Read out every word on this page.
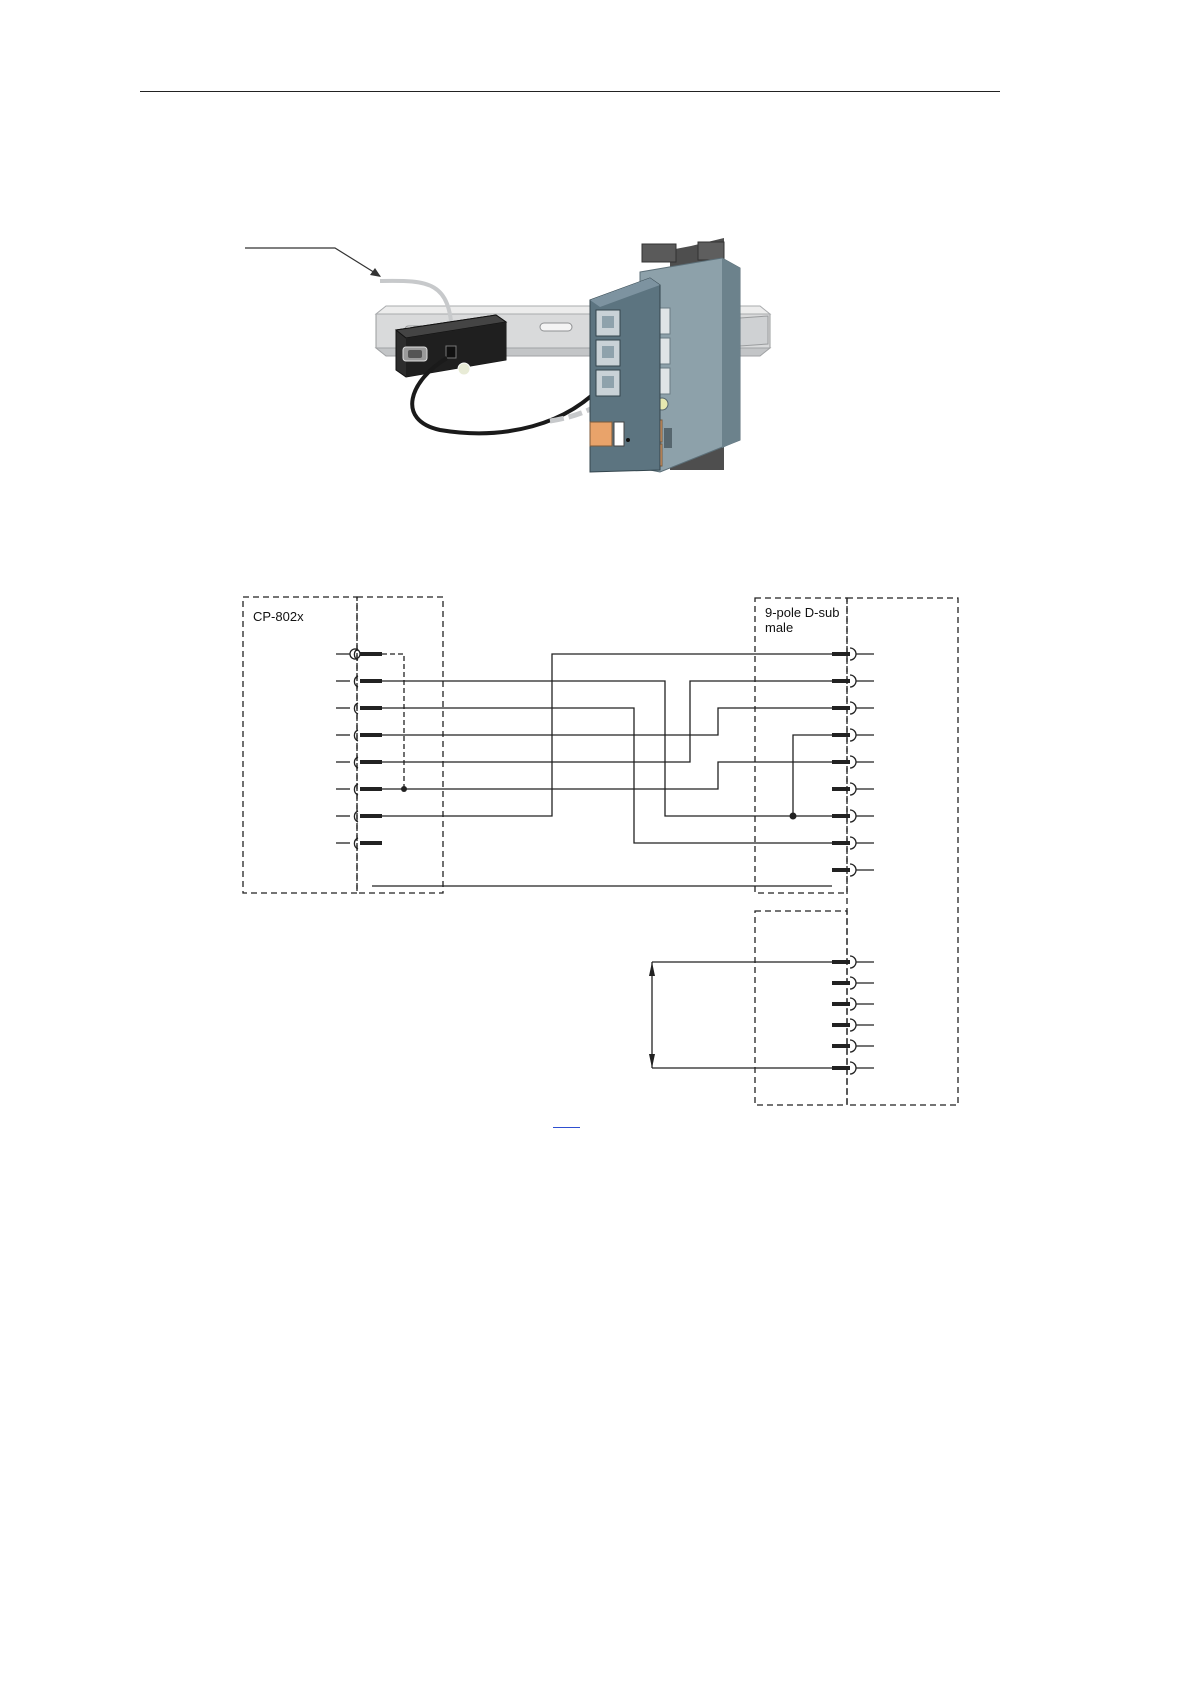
CP-802x	9-pole D-sub
male
